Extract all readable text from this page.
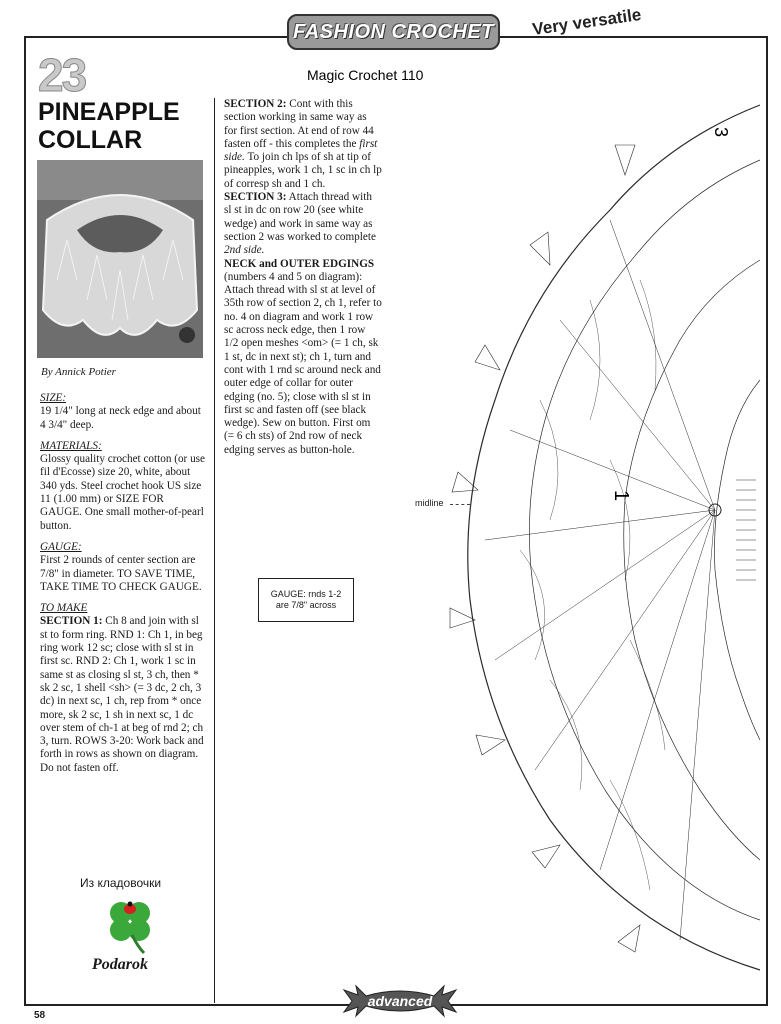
FASHION CROCHET Very versatile
Magic Crochet 110
23
PINEAPPLE
COLLAR
By Annick Potier
SIZE:

19 1/4" long at neck edge and about 4 3/4" deep.

MATERIALS:

Glossy quality crochet cotton (or use fil d'Ecosse) size 20, white, about 340 yds. Steel crochet hook US size 11 (1.00 mm) or SIZE FOR GAUGE. One small mother-of-pearl button.

GAUGE:

First 2 rounds of center section are 7/8" in diameter. TO SAVE TIME, TAKE TIME TO CHECK GAUGE.

TO MAKE

SECTION 1: Ch 8 and join with sl st to form ring. RND 1: Ch 1, in beg ring work 12 sc; close with sl st in first sc. RND 2: Ch 1, work 1 sc in same st as closing sl st, 3 ch, then * sk 2 sc, 1 shell <sh> (= 3 dc, 2 ch, 3 dc) in next sc, 1 ch, rep from * once more, sk 2 sc, 1 sh in next sc, 1 dc over stem of ch-1 at beg of rnd 2; ch 3, turn. ROWS 3-20: Work back and forth in rows as shown on diagram. Do not fasten off.

SECTION 2: Cont with this section working in same way as for first section. At end of row 44 fasten off - this completes the first side. To join ch lps of sh at tip of pineapples, work 1 ch, 1 sc in ch lp of corresp sh and 1 ch.

SECTION 3: Attach thread with sl st in dc on row 20 (see white wedge) and work in same way as section 2 was worked to complete 2nd side.

NECK and OUTER EDGINGS (numbers 4 and 5 on diagram): Attach thread with sl st at level of 35th row of section 2, ch 1, refer to no. 4 on diagram and work 1 row sc across neck edge, then 1 row 1/2 open meshes <om> (= 1 ch, sk 1 st, dc in next st); ch 1, turn and cont with 1 rnd sc around neck and outer edge of collar for outer edging (no. 5); close with sl st in first sc and fasten off (see black wedge). Sew on button. First om (= 6 ch sts) of 2nd row of neck edging serves as button-hole.

GAUGE: rnds 1-2
are 7/8" across
midline
1
3
Из кладовочки
Podarok
advanced
58
